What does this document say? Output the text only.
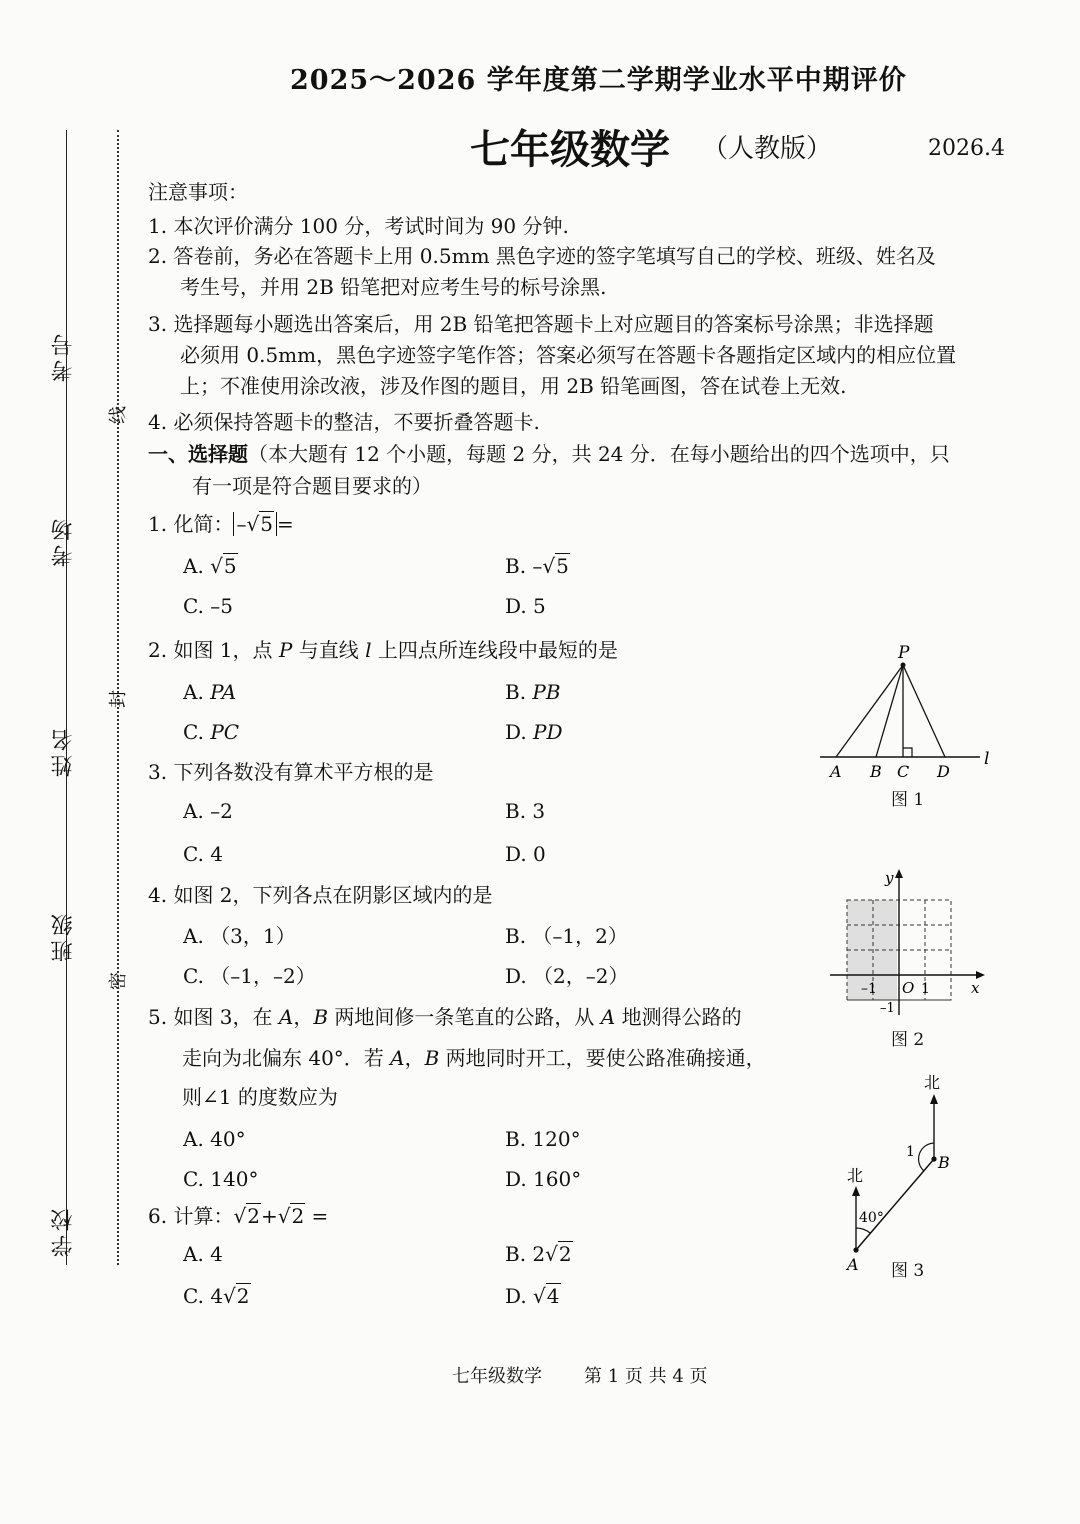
考号
考场
姓名
班级
学校
密
封
线
2025～2026 学年度第二学期学业水平中期评价
七年级数学 （人教版）	2026.4
注意事项：
1. 本次评价满分 100 分，考试时间为 90 分钟.
2. 答卷前，务必在答题卡上用 0.5mm 黑色字迹的签字笔填写自己的学校、班级、姓名及
考生号，并用 2B 铅笔把对应考生号的标号涂黑.
3. 选择题每小题选出答案后，用 2B 铅笔把答题卡上对应题目的答案标号涂黑；非选择题
必须用 0.5mm，黑色字迹签字笔作答；答案必须写在答题卡各题指定区域内的相应位置
上；不准使用涂改液，涉及作图的题目，用 2B 铅笔画图，答在试卷上无效.
4. 必须保持答题卡的整洁，不要折叠答题卡.
一、选择题（本大题有 12 个小题，每题 2 分，共 24 分．在每小题给出的四个选项中，只
有一项是符合题目要求的）
1. 化简： –√5 =
A. √5	B. –√5
C. –5	D. 5
2. 如图 1，点 P 与直线 l 上四点所连线段中最短的是
A. PA	B. PB
C. PC	D. PD
3. 下列各数没有算术平方根的是
A. –2	B. 3
C. 4	D. 0
4. 如图 2，下列各点在阴影区域内的是
A. （3，1）	B. （–1，2）
C. （–1，–2）	D. （2，–2）
5. 如图 3，在 A，B 两地间修一条笔直的公路，从 A 地测得公路的
走向为北偏东 40°．若 A，B 两地同时开工，要使公路准确接通，
则∠1 的度数应为
A. 40°	B. 120°
C. 140°	D. 160°
6. 计算：√2+√2 =
A. 4	B. 2√2
C. 4√2	D. √4
P
A B C D
l
图 1
y
x
O 1
–1
–1
图 2
北
北
40°
1
B
A 图 3
七年级数学 第 1 页 共 4 页
